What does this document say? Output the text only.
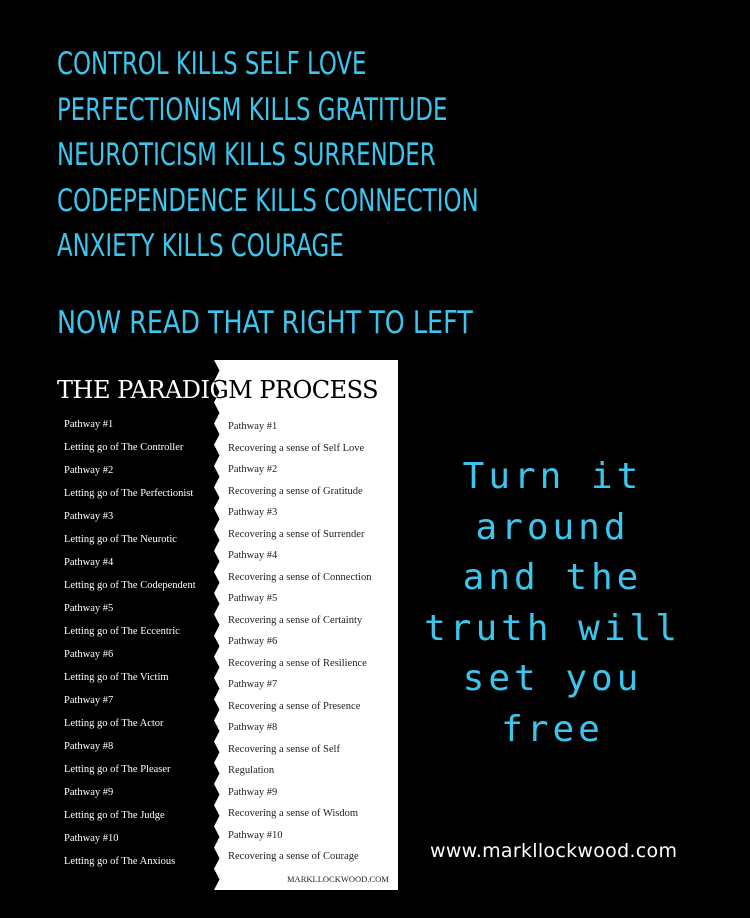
CONTROL KILLS SELF LOVE
PERFECTIONISM KILLS GRATITUDE
NEUROTICISM KILLS SURRENDER
CODEPENDENCE KILLS CONNECTION
ANXIETY KILLS COURAGE
NOW READ THAT RIGHT TO LEFT
THE PARADIGM PROCESS
Pathway #1
Letting go of The Controller
Pathway #2
Letting go of The Perfectionist
Pathway #3
Letting go of The Neurotic
Pathway #4
Letting go of The Codependent
Pathway #5
Letting go of The Eccentric
Pathway #6
Letting go of The Victim
Pathway #7
Letting go of The Actor
Pathway #8
Letting go of The Pleaser
Pathway #9
Letting go of The Judge
Pathway #10
Letting go of The Anxious
Pathway #1
Recovering a sense of Self Love
Pathway #2
Recovering a sense of Gratitude
Pathway #3
Recovering a sense of Surrender
Pathway #4
Recovering a sense of Connection
Pathway #5
Recovering a sense of Certainty
Pathway #6
Recovering a sense of Resilience
Pathway #7
Recovering a sense of Presence
Pathway #8
Recovering a sense of Self
Regulation
Pathway #9
Recovering a sense of Wisdom
Pathway #10
Recovering a sense of Courage
MARKLLOCKWOOD.COM
Turn it
around
and the
truth will
set you
free
www.markllockwood.com
